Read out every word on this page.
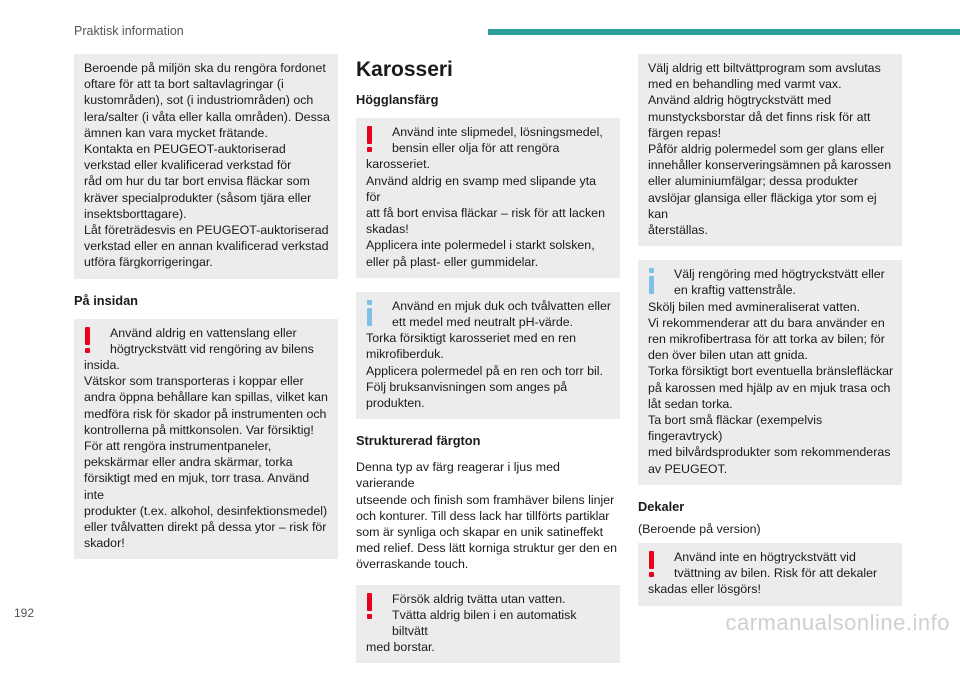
Praktisk information
Beroende på miljön ska du rengöra fordonet
oftare för att ta bort saltavlagringar (i
kustområden), sot (i industriområden) och
lera/salter (i våta eller kalla områden). Dessa
ämnen kan vara mycket frätande.
Kontakta en PEUGEOT-auktoriserad
verkstad eller kvalificerad verkstad för
råd om hur du tar bort envisa fläckar som
kräver specialprodukter (såsom tjära eller
insektsborttagare).
Låt företrädesvis en PEUGEOT-auktoriserad
verkstad eller en annan kvalificerad verkstad
utföra färgkorrigeringar.
På insidan
Använd aldrig en vattenslang eller
högtryckstvätt vid rengöring av bilens
insida.
Vätskor som transporteras i koppar eller
andra öppna behållare kan spillas, vilket kan
medföra risk för skador på instrumenten och
kontrollerna på mittkonsolen. Var försiktig!
För att rengöra instrumentpaneler,
pekskärmar eller andra skärmar, torka
försiktigt med en mjuk, torr trasa. Använd inte
produkter (t.ex. alkohol, desinfektionsmedel)
eller tvålvatten direkt på dessa ytor – risk för
skador!
Karosseri
Högglansfärg
Använd inte slipmedel, lösningsmedel,
bensin eller olja för att rengöra
karosseriet.
Använd aldrig en svamp med slipande yta för
att få bort envisa fläckar – risk för att lacken
skadas!
Applicera inte polermedel i starkt solsken,
eller på plast- eller gummidelar.
Använd en mjuk duk och tvålvatten eller
ett medel med neutralt pH-värde.
Torka försiktigt karosseriet med en ren
mikrofiberduk.
Applicera polermedel på en ren och torr bil.
Följ bruksanvisningen som anges på
produkten.
Strukturerad färgton
Denna typ av färg reagerar i ljus med varierande
utseende och finish som framhäver bilens linjer
och konturer. Till dess lack har tillförts partiklar
som är synliga och skapar en unik satineffekt
med relief. Dess lätt korniga struktur ger den en
överraskande touch.
Försök aldrig tvätta utan vatten.
Tvätta aldrig bilen i en automatisk biltvätt
med borstar.
Välj aldrig ett biltvättprogram som avslutas
med en behandling med varmt vax.
Använd aldrig högtryckstvätt med
munstycksborstar då det finns risk för att
färgen repas!
Påför aldrig polermedel som ger glans eller
innehåller konserveringsämnen på karossen
eller aluminiumfälgar; dessa produkter
avslöjar glansiga eller fläckiga ytor som ej kan
återställas.
Välj rengöring med högtryckstvätt eller
en kraftig vattenstråle.
Skölj bilen med avmineraliserat vatten.
Vi rekommenderar att du bara använder en
ren mikrofibertrasa för att torka av bilen; för
den över bilen utan att gnida.
Torka försiktigt bort eventuella bränslefläckar
på karossen med hjälp av en mjuk trasa och
låt sedan torka.
Ta bort små fläckar (exempelvis fingeravtryck)
med bilvårdsprodukter som rekommenderas
av PEUGEOT.
Dekaler
(Beroende på version)
Använd inte en högtryckstvätt vid
tvättning av bilen. Risk för att dekaler
skadas eller lösgörs!
192	carmanualsonline.info
